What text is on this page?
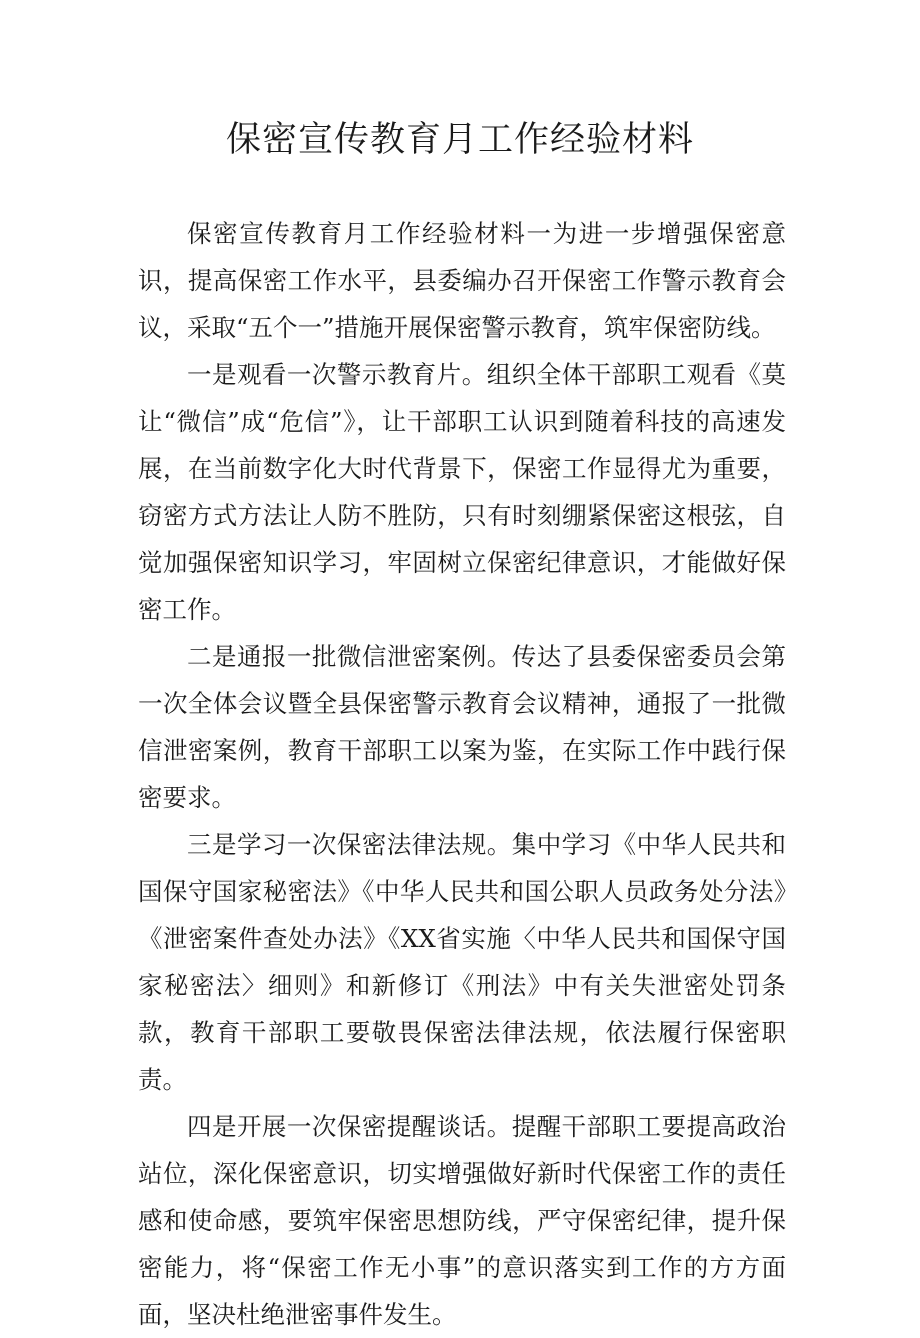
保密宣传教育月工作经验材料

保密宣传教育月工作经验材料一为进一步增强保密意识，提高保密工作水平，县委编办召开保密工作警示教育会议，采取“五个一”措施开展保密警示教育，筑牢保密防线。

一是观看一次警示教育片。组织全体干部职工观看《莫让“微信”成“危信”》，让干部职工认识到随着科技的高速发展，在当前数字化大时代背景下，保密工作显得尤为重要，窃密方式方法让人防不胜防，只有时刻绷紧保密这根弦，自觉加强保密知识学习，牢固树立保密纪律意识，才能做好保密工作。

二是通报一批微信泄密案例。传达了县委保密委员会第一次全体会议暨全县保密警示教育会议精神，通报了一批微信泄密案例，教育干部职工以案为鉴，在实际工作中践行保密要求。

三是学习一次保密法律法规。集中学习《中华人民共和国保守国家秘密法》《中华人民共和国公职人员政务处分法》《泄密案件查处办法》《XX省实施〈中华人民共和国保守国家秘密法〉细则》和新修订《刑法》中有关失泄密处罚条款，教育干部职工要敬畏保密法律法规，依法履行保密职责。

四是开展一次保密提醒谈话。提醒干部职工要提高政治站位，深化保密意识，切实增强做好新时代保密工作的责任感和使命感，要筑牢保密思想防线，严守保密纪律，提升保密能力，将“保密工作无小事”的意识落实到工作的方方面面，坚决杜绝泄密事件发生。
